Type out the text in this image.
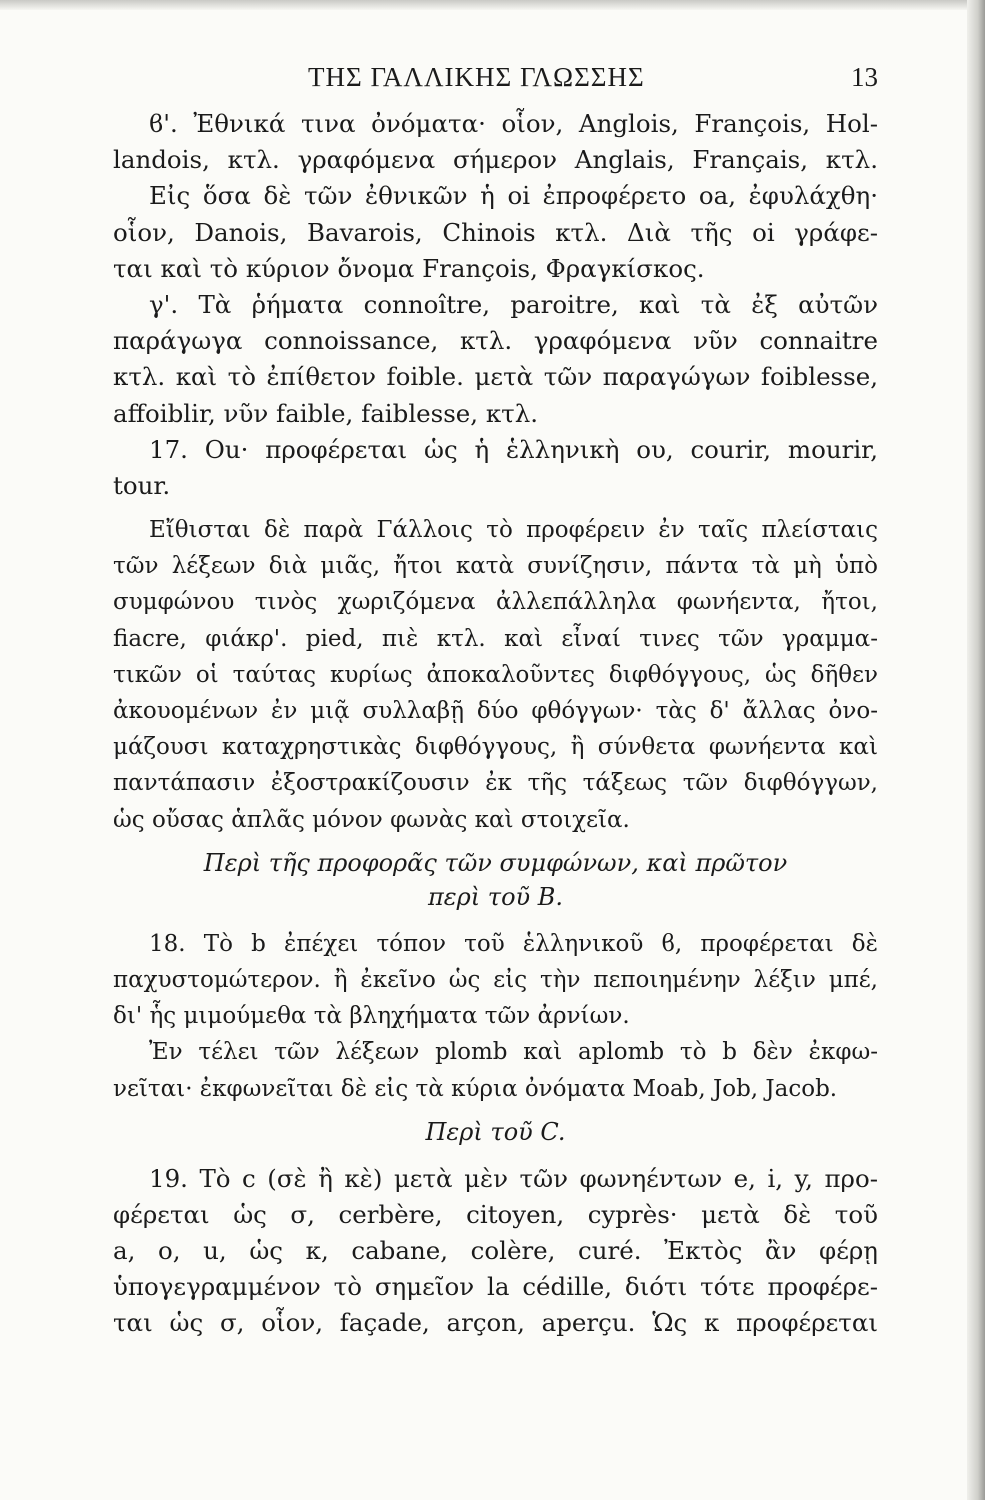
ΤΗΣ ΓΑΛΛΙΚΗΣ ΓΛΩΣΣΗΣ	13
ϐ'. Ἐθνικά τινα ὀνόματα· οἷον, Anglois, François, Hol-
landois, κτλ. γραφόμενα σήμερον Anglais, Français, κτλ.
Εἰς ὅσα δὲ τῶν ἐθνικῶν ἡ oi ἐπροφέρετο oa, ἐφυλάχθη·
οἷον, Danois, Bavarois, Chinois κτλ. Διὰ τῆς oi γράφε-
ται καὶ τὸ κύριον ὄνομα François, Φραγκίσκος.
γ'. Τὰ ῥήματα connoître, paroitre, καὶ τὰ ἐξ αὐτῶν
παράγωγα connoissance, κτλ. γραφόμενα νῦν connaitre
κτλ. καὶ τὸ ἐπίθετον foible. μετὰ τῶν παραγώγων foiblesse,
affoiblir, νῦν faible, faiblesse, κτλ.
17. Ou· προφέρεται ὡς ἡ ἑλληνικὴ ου, courir, mourir,
tour.
Εἴθισται δὲ παρὰ Γάλλοις τὸ προφέρειν ἐν ταῖς πλείσταις
τῶν λέξεων διὰ μιᾶς, ἤτοι κατὰ συνίζησιν, πάντα τὰ μὴ ὑπὸ
συμφώνου τινὸς χωριζόμενα ἀλλεπάλληλα φωνήεντα, ἤτοι,
fiacre, φιάκρ'. pied, πιὲ κτλ. καὶ εἶναί τινες τῶν γραμμα-
τικῶν οἱ ταύτας κυρίως ἀποκαλοῦντες διφθόγγους, ὡς δῆθεν
ἀκουομένων ἐν μιᾷ συλλαβῇ δύο φθόγγων· τὰς δ' ἄλλας ὀνο-
μάζουσι καταχρηστικὰς διφθόγγους, ἢ σύνθετα φωνήεντα καὶ
παντάπασιν ἐξοστρακίζουσιν ἐκ τῆς τάξεως τῶν διφθόγγων,
ὡς οὔσας ἁπλᾶς μόνον φωνὰς καὶ στοιχεῖα.
Περὶ τῆς προφορᾶς τῶν συμφώνων, καὶ πρῶτον
περὶ τοῦ B.
18. Τὸ b ἐπέχει τόπον τοῦ ἑλληνικοῦ ϐ, προφέρεται δὲ
παχυστομώτερον. ἢ ἐκεῖνο ὡς εἰς τὴν πεποιημένην λέξιν μπέ,
δι' ἧς μιμούμεθα τὰ βληχήματα τῶν ἀρνίων.
Ἐν τέλει τῶν λέξεων plomb καὶ aplomb τὸ b δὲν ἐκφω-
νεῖται· ἐκφωνεῖται δὲ εἰς τὰ κύρια ὀνόματα Moab, Job, Jacob.
Περὶ τοῦ C.
19. Τὸ c (σὲ ἢ κὲ) μετὰ μὲν τῶν φωνηέντων e, i, y, προ-
φέρεται ὡς σ, cerbère, citoyen, cyprès· μετὰ δὲ τοῦ
a, o, u, ὡς κ, cabane, colère, curé. Ἐκτὸς ἂν φέρῃ
ὑπογεγραμμένον τὸ σημεῖον la cédille, διότι τότε προφέρε-
ται ὡς σ, οἷον, façade, arçon, aperçu. Ὡς κ προφέρεται
